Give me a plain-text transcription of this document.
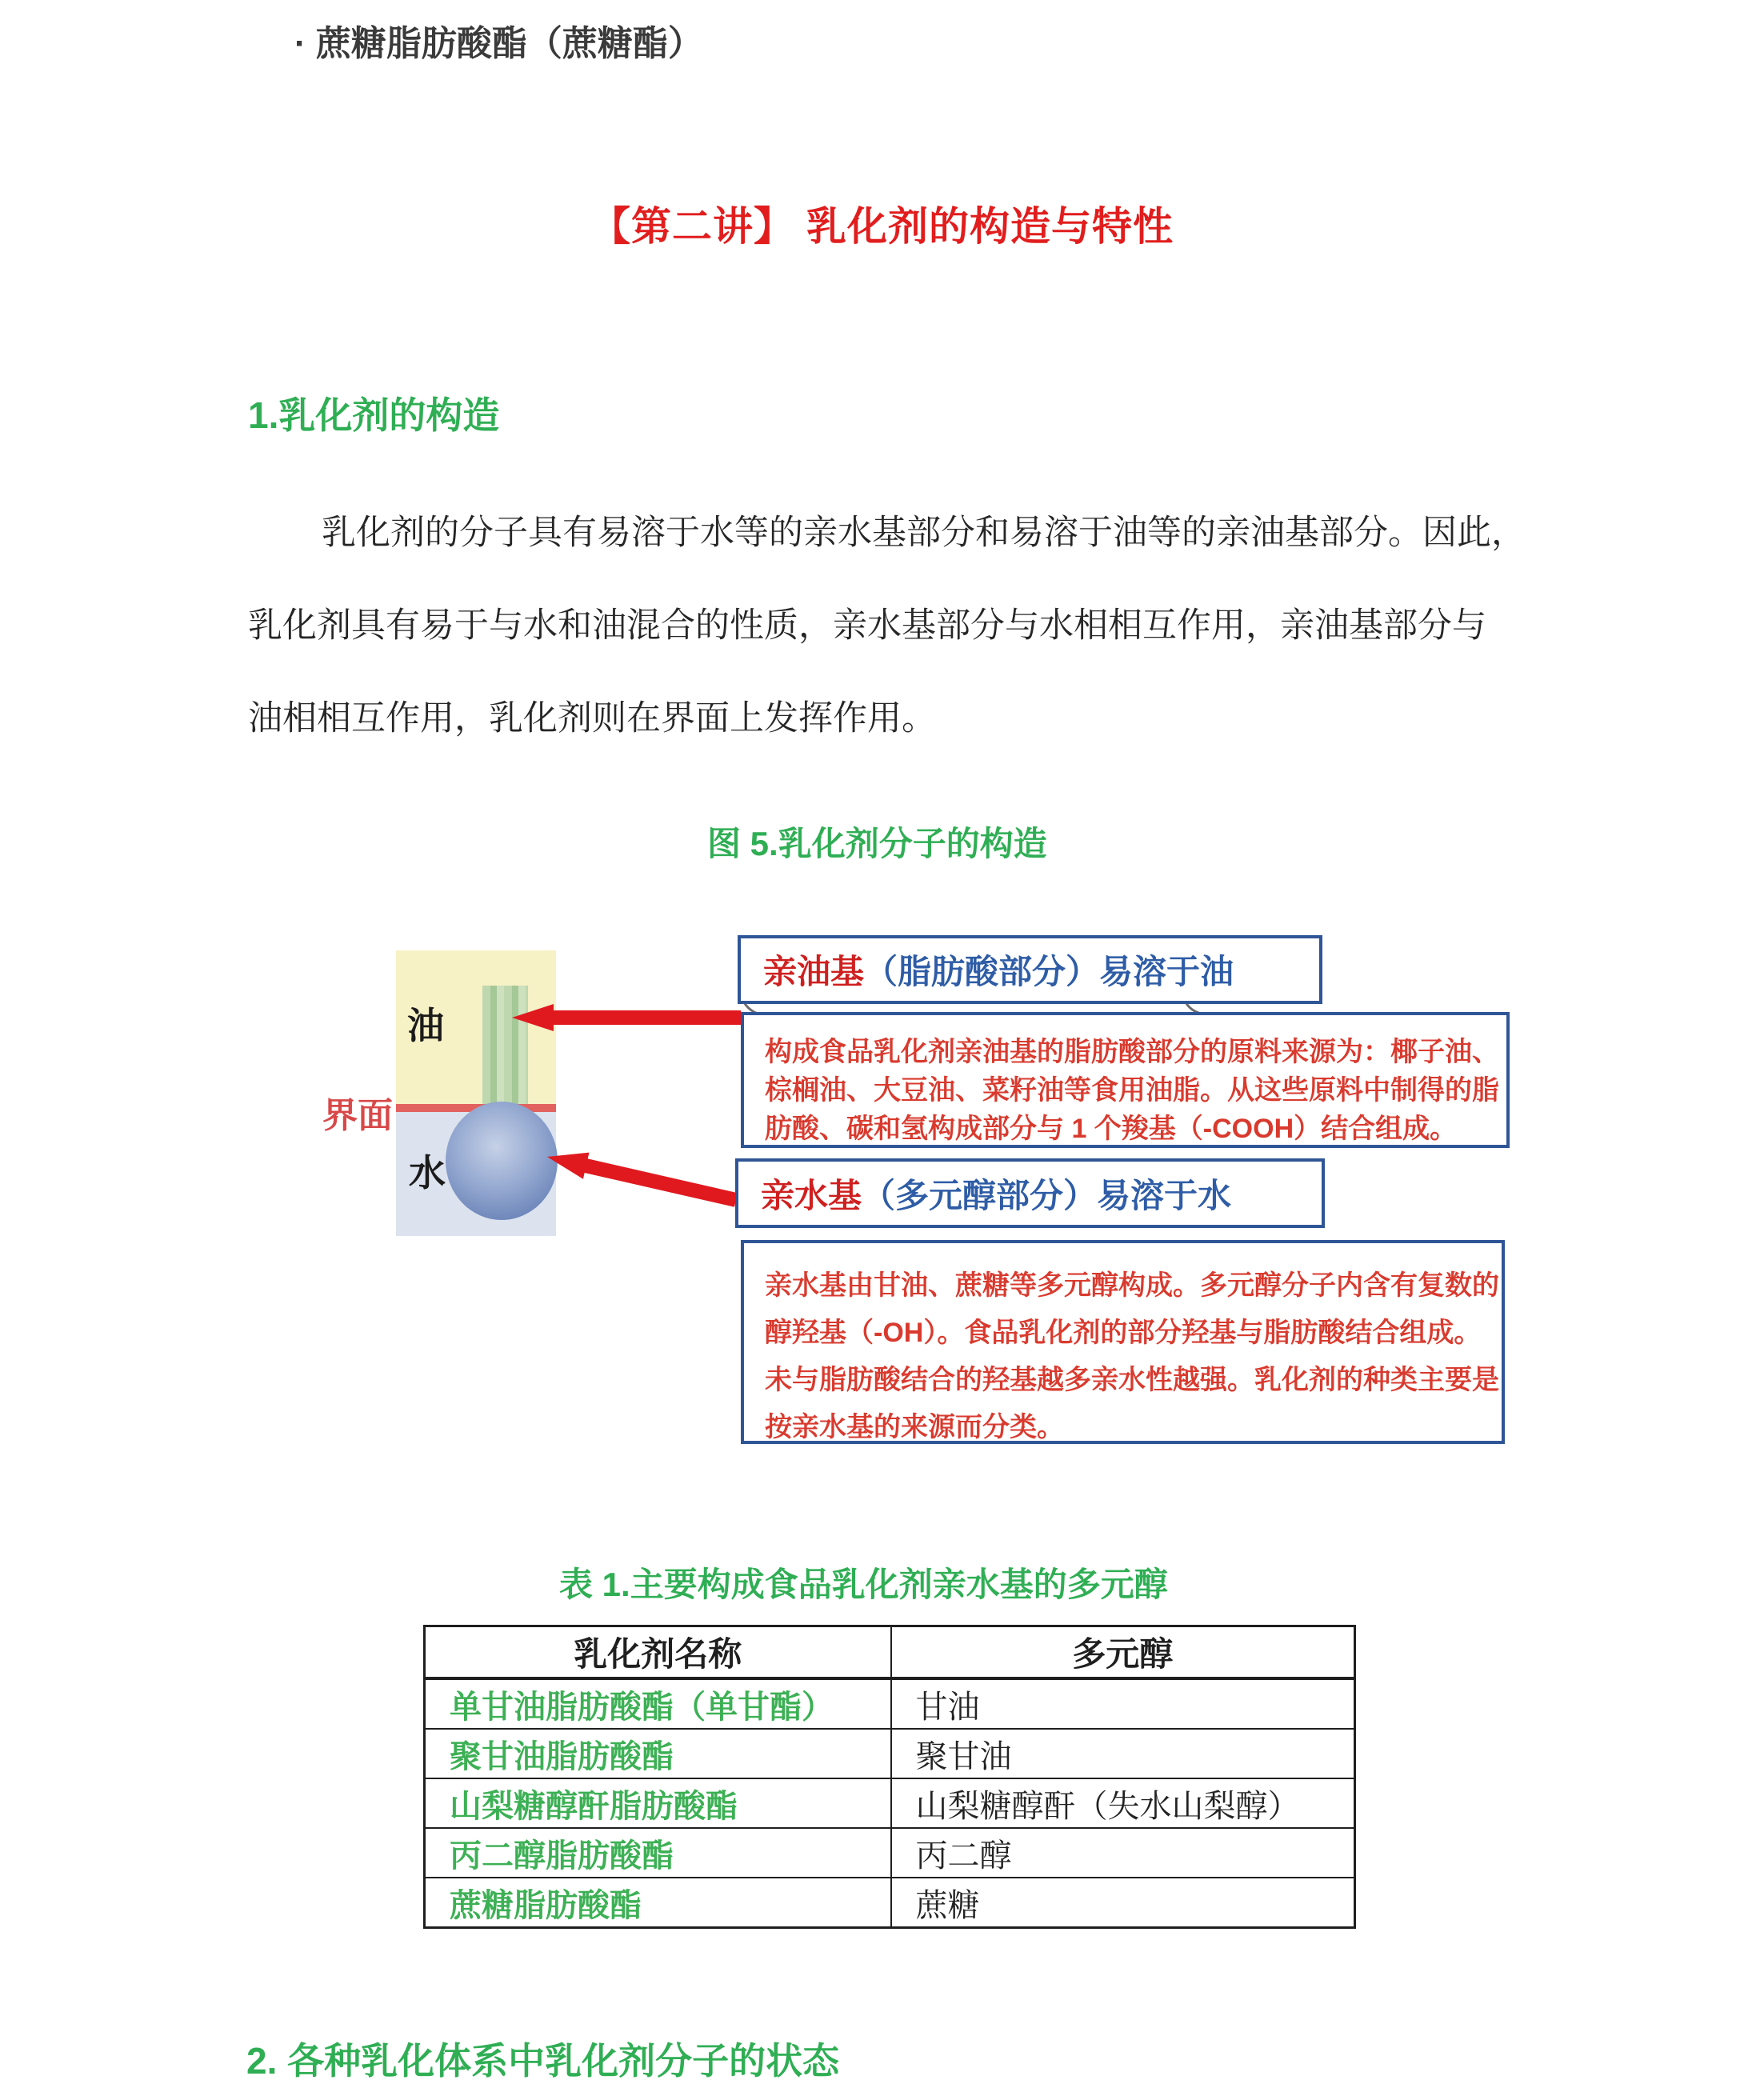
· 蔗糖脂肪酸酯（蔗糖酯）
【第二讲】 乳化剂的构造与特性
1.乳化剂的构造
乳化剂的分子具有易溶于水等的亲水基部分和易溶于油等的亲油基部分。因此，
乳化剂具有易于与水和油混合的性质，亲水基部分与水相相互作用，亲油基部分与
油相相互作用，乳化剂则在界面上发挥作用。
图 5.乳化剂分子的构造
油
水
界面
亲油基 （脂肪酸部分）易溶于油
构成食品乳化剂亲油基的脂肪酸部分的原料来源为：椰子油、
棕榈油、大豆油、菜籽油等食用油脂。从这些原料中制得的脂
肪酸、碳和氢构成部分与 1 个羧基（-COOH）结合组成。
亲水基 （多元醇部分）易溶于水
亲水基由甘油、蔗糖等多元醇构成。多元醇分子内含有复数的
醇羟基（-OH）。食品乳化剂的部分羟基与脂肪酸结合组成。
未与脂肪酸结合的羟基越多亲水性越强。乳化剂的种类主要是
按亲水基的来源而分类。
表 1.主要构成食品乳化剂亲水基的多元醇
乳化剂名称	多元醇
单甘油脂肪酸酯（单甘酯）	甘油
聚甘油脂肪酸酯	聚甘油
山梨糖醇酐脂肪酸酯	山梨糖醇酐（失水山梨醇）
丙二醇脂肪酸酯	丙二醇
蔗糖脂肪酸酯	蔗糖
2. 各种乳化体系中乳化剂分子的状态
